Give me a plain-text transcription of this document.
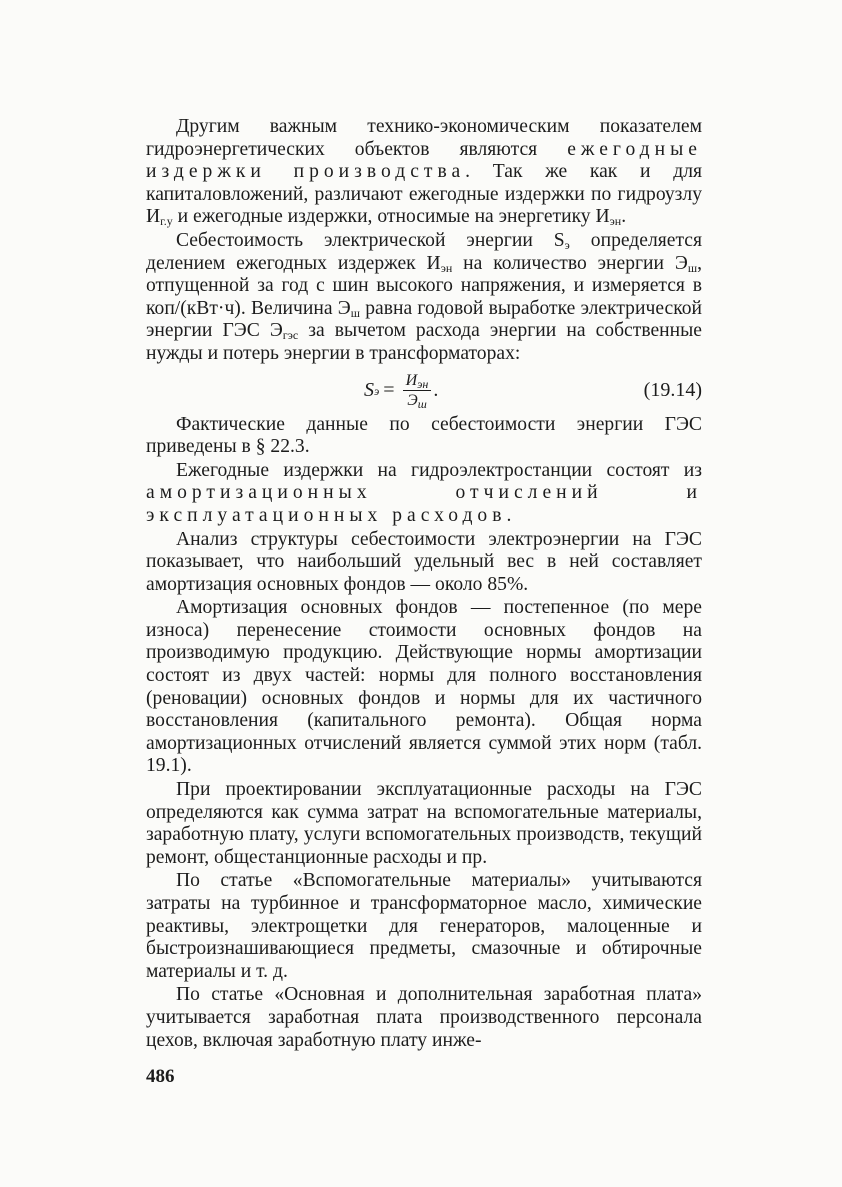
Другим важным технико-экономическим показателем гидроэнергетических объектов являются ежегодные издержки производства. Так же как и для капиталовложений, различают ежегодные издержки по гидроузлу $И_{г.у}$ и ежегодные издержки, относимые на энергетику $И_{эн}$.

Себестоимость электрической энергии $S_э$ определяется делением ежегодных издержек $И_{эн}$ на количество энергии $Э_ш$, отпущенной за год с шин высокого напряжения, и измеряется в коп/(кВт·ч). Величина $Э_ш$ равна годовой выработке электрической энергии ГЭС $Э_{гэс}$ за вычетом расхода энергии на собственные нужды и потерь энергии в трансформаторах:

S $э = \frac{И_{эн}}{Э_ш}$ .	(19.14)

Фактические данные по себестоимости энергии ГЭС приведены в § 22.3.

Ежегодные издержки на гидроэлектростанции состоят из амортизационных отчислений и эксплуатационных расходов.

Анализ структуры себестоимости электроэнергии на ГЭС показывает, что наибольший удельный вес в ней составляет амортизация основных фондов — около 85%.

Амортизация основных фондов — постепенное (по мере износа) перенесение стоимости основных фондов на производимую продукцию. Действующие нормы амортизации состоят из двух частей: нормы для полного восстановления (реновации) основных фондов и нормы для их частичного восстановления (капитального ремонта). Общая норма амортизационных отчислений является суммой этих норм (табл. 19.1).

При проектировании эксплуатационные расходы на ГЭС определяются как сумма затрат на вспомогательные материалы, заработную плату, услуги вспомогательных производств, текущий ремонт, общестанционные расходы и пр.

По статье «Вспомогательные материалы» учитываются затраты на турбинное и трансформаторное масло, химические реактивы, электрощетки для генераторов, малоценные и быстроизнашивающиеся предметы, смазочные и обтирочные материалы и т. д.

По статье «Основная и дополнительная заработная плата» учитывается заработная плата производственного персонала цехов, включая заработную плату инже-

486
